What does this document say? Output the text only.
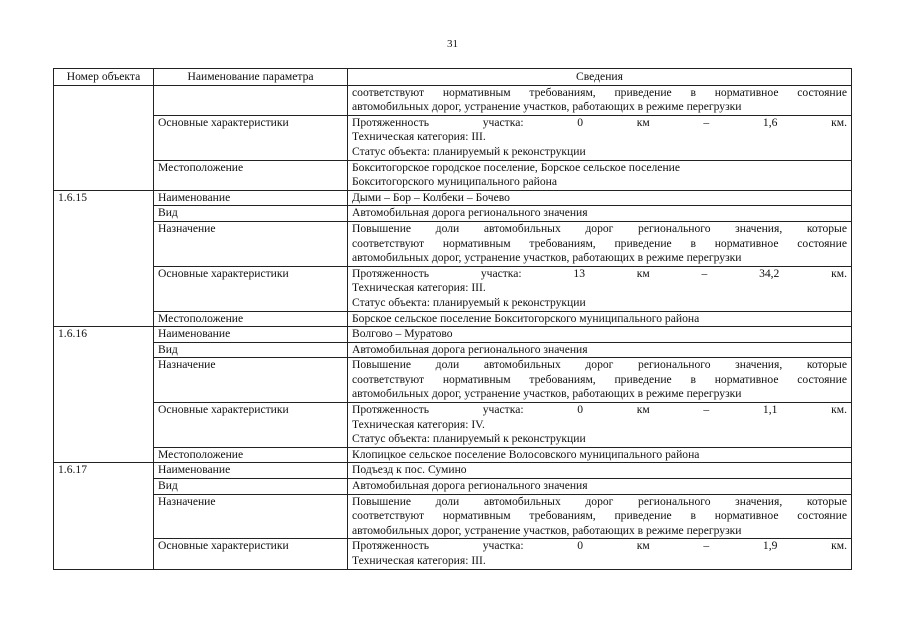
31
Номер объекта	Наименование параметра	Сведения

		соответствуют нормативным требованиям, приведение в нормативное состояние
автомобильных дорог, устранение участков, работающих в режиме перегрузки

	Основные характеристики	Протяженность участка: 0 км – 1,6 км.
Техническая категория: III.
Статус объекта: планируемый к реконструкции

	Местоположение	Бокситогорское городское поселение, Борское сельское поселение
Бокситогорского муниципального района

1.6.15	Наименование	Дыми – Бор – Колбеки – Бочево

	Вид	Автомобильная дорога регионального значения

	Назначение	Повышение доли автомобильных дорог регионального значения, которые
соответствуют нормативным требованиям, приведение в нормативное состояние
автомобильных дорог, устранение участков, работающих в режиме перегрузки

	Основные характеристики	Протяженность участка: 13 км – 34,2 км.
Техническая категория: III.
Статус объекта: планируемый к реконструкции

	Местоположение	Борское сельское поселение Бокситогорского муниципального района

1.6.16	Наименование	Волгово – Муратово

	Вид	Автомобильная дорога регионального значения

	Назначение	Повышение доли автомобильных дорог регионального значения, которые
соответствуют нормативным требованиям, приведение в нормативное состояние
автомобильных дорог, устранение участков, работающих в режиме перегрузки

	Основные характеристики	Протяженность участка: 0 км – 1,1 км.
Техническая категория: IV.
Статус объекта: планируемый к реконструкции

	Местоположение	Клопицкое сельское поселение Волосовского муниципального района

1.6.17	Наименование	Подъезд к пос. Сумино

	Вид	Автомобильная дорога регионального значения

	Назначение	Повышение доли автомобильных дорог регионального значения, которые
соответствуют нормативным требованиям, приведение в нормативное состояние
автомобильных дорог, устранение участков, работающих в режиме перегрузки

	Основные характеристики	Протяженность участка: 0 км – 1,9 км.
Техническая категория: III.
